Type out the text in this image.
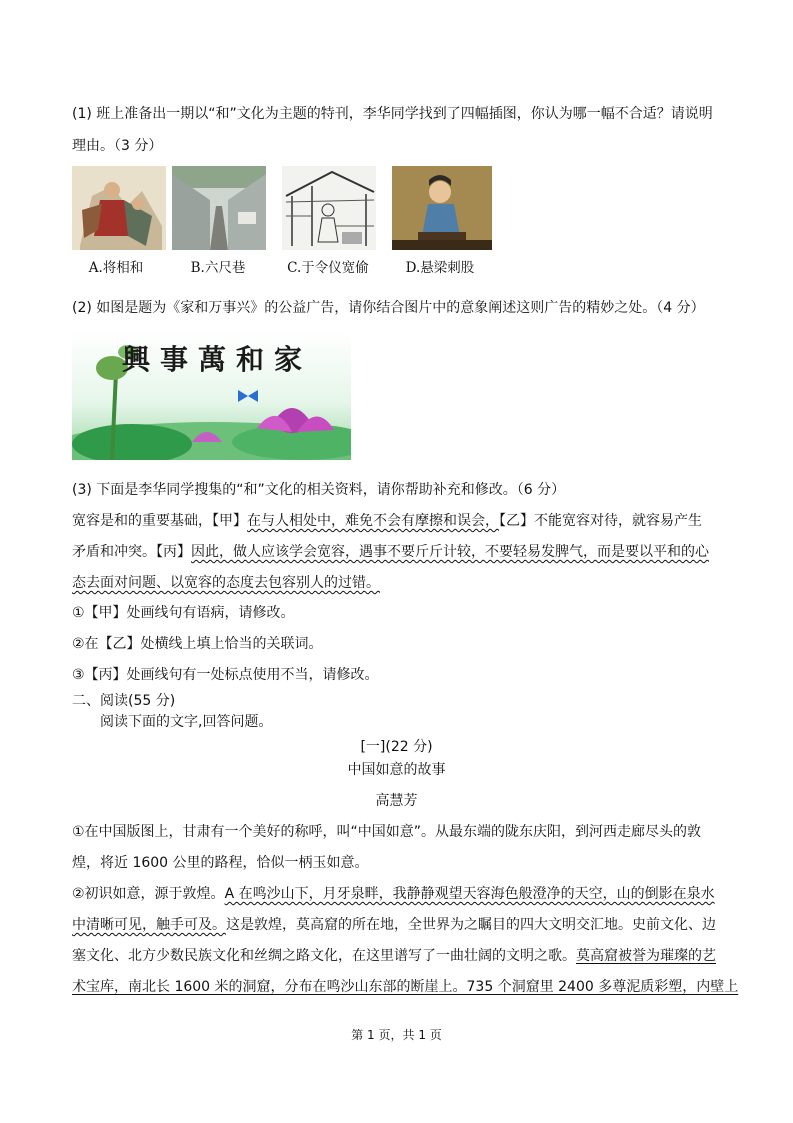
(1) 班上准备出一期以“和”文化为主题的特刊，李华同学找到了四幅插图，你认为哪一幅不合适？请说明
理由。（3 分）
A.将相和	B.六尺巷	C.于令仪宽偷	D.悬梁刺股
(2) 如图是题为《家和万事兴》的公益广告，请你结合图片中的意象阐述这则广告的精妙之处。（4 分）
興事萬和家
(3) 下面是李华同学搜集的“和”文化的相关资料，请你帮助补充和修改。（6 分）
宽容是和的重要基础，【甲】在与人相处中，难免不会有摩擦和误会，【乙】不能宽容对待，就容易产生
矛盾和冲突。【丙】因此，做人应该学会宽容，遇事不要斤斤计较，不要轻易发脾气，而是要以平和的心
态去面对问题、以宽容的态度去包容别人的过错。
①【甲】处画线句有语病，请修改。
②在【乙】处横线上填上恰当的关联词。
③【丙】处画线句有一处标点使用不当，请修改。
二、阅读(55 分)
阅读下面的文字,回答问题。
[一](22 分)
中国如意的故事
高慧芳
①在中国版图上，甘肃有一个美好的称呼，叫“中国如意”。从最东端的陇东庆阳，到河西走廊尽头的敦
煌，将近 1600 公里的路程，恰似一柄玉如意。
②初识如意，源于敦煌。A 在鸣沙山下，月牙泉畔，我静静观望天容海色般澄净的天空，山的倒影在泉水
中清晰可见，触手可及。这是敦煌，莫高窟的所在地，全世界为之瞩目的四大文明交汇地。史前文化、边
塞文化、北方少数民族文化和丝绸之路文化，在这里谱写了一曲壮阔的文明之歌。莫高窟被誉为璀璨的艺
术宝库，南北长 1600 米的洞窟，分布在鸣沙山东部的断崖上。735 个洞窟里 2400 多尊泥质彩塑，内壁上
第 1 页，共 1 页
